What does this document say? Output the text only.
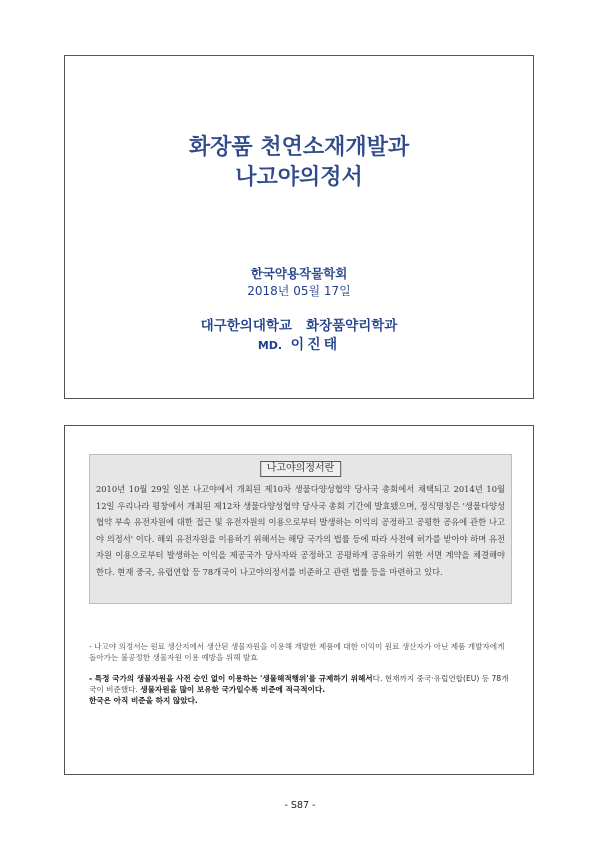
화장품 천연소재개발과
나고야의정서
한국약용작물학회
2018년 05월 17일
대구한의대학교   화장품약리학과
MD. 이진태
나고야의정서란
2010년 10월 29일 일본 나고야에서 개최된 제10차 생물다양성협약 당사국 총회에서 채택되고 2014년 10월 12일 우리나라 평창에서 개최된 제12차 생물다양성협약 당사국 총회 기간에 발효됐으며, 정식명칭은 '생물다양성협약 부속 유전자원에 대한 접근 및 유전자원의 이용으로부터 발생하는 이익의 공정하고 공평한 공유에 관한 나고야 의정서' 이다. 해외 유전자원을 이용하기 위해서는 해당 국가의 법률 등에 따라 사전에 허가를 받아야 하며 유전자원 이용으로부터 발생하는 이익을 제공국가 당사자와 공정하고 공평하게 공유하기 위한 서면 계약을 체결해야 한다. 현재 중국, 유럽연합 등 78개국이 나고야의정서를 비준하고 관련 법률 등을 마련하고 있다.
- 나고야 의정서는 원료 생산지에서 생산된 생물자원을 이용해 개발한 제품에 대한 이익이 원료 생산자가 아닌 제품 개발자에게 돌아가는 불공정한 생물자원 이용 예방을 위해 발효
- 특정 국가의 생물자원을 사전 승인 없이 이용하는 '생물해적행위'를 규제하기 위해서다. 현재까지 중국·유럽연합(EU) 등 78개국이 비준했다. 생물자원을 많이 보유한 국가일수록 비준에 적극적이다.
한국은 아직 비준을 하지 않았다.
- S87 -
